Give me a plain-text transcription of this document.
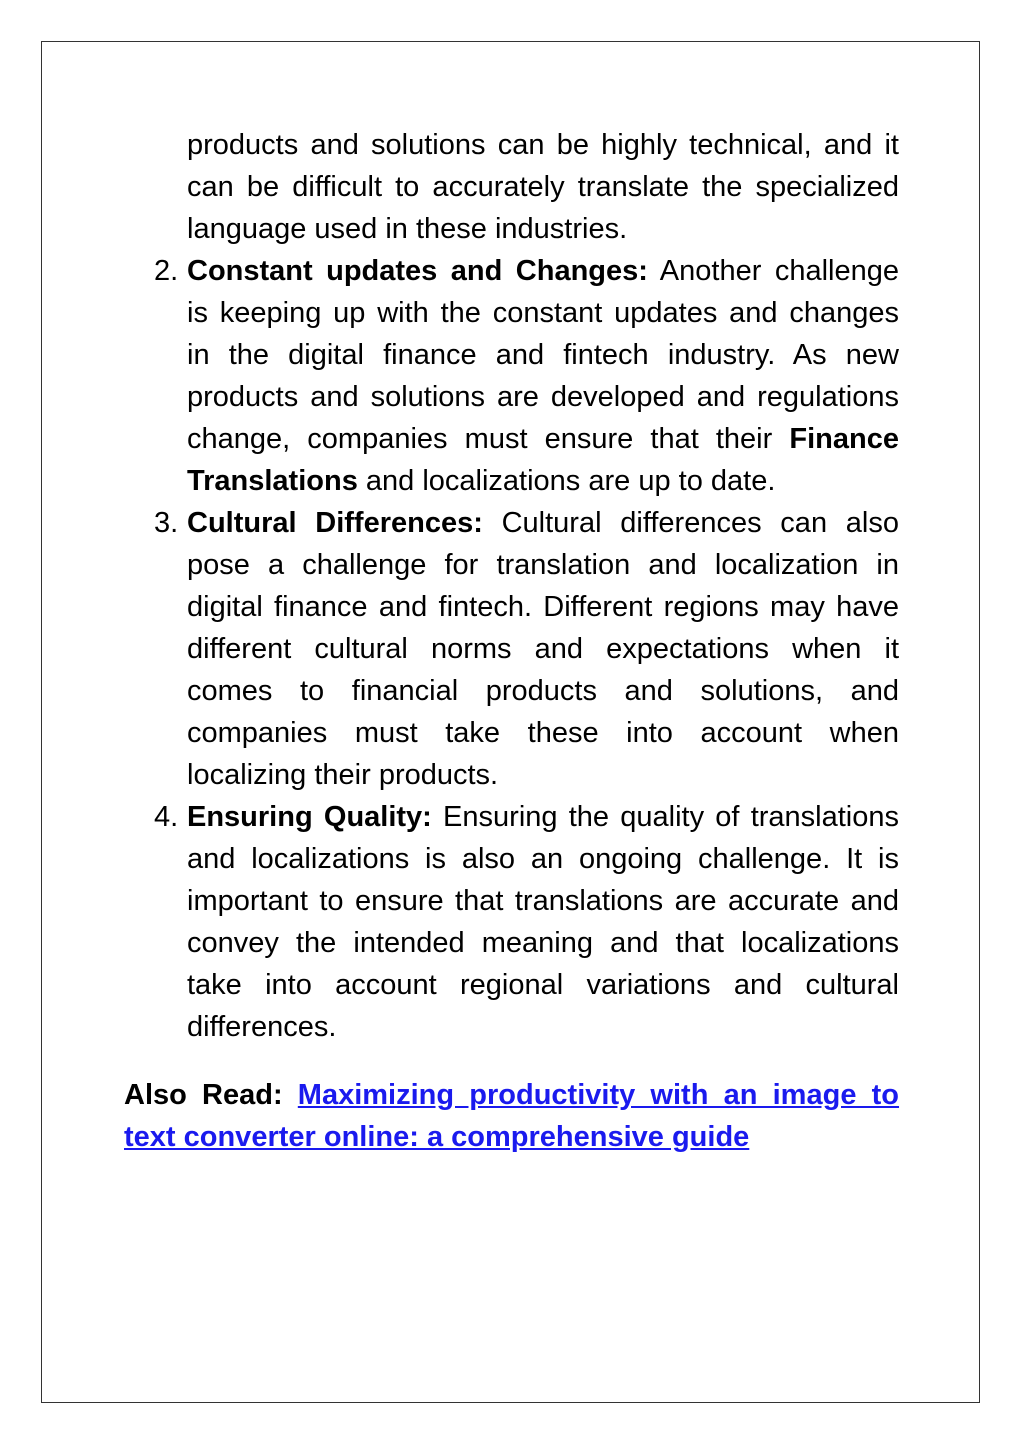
products and solutions can be highly technical, and it can be difficult to accurately translate the specialized language used in these industries.

2. Constant updates and Changes: Another challenge is keeping up with the constant updates and changes in the digital finance and fintech industry. As new products and solutions are developed and regulations change, companies must ensure that their Finance Translations and localizations are up to date.
3. Cultural Differences: Cultural differences can also pose a challenge for translation and localization in digital finance and fintech. Different regions may have different cultural norms and expectations when it comes to financial products and solutions, and companies must take these into account when localizing their products.
4. Ensuring Quality: Ensuring the quality of translations and localizations is also an ongoing challenge. It is important to ensure that translations are accurate and convey the intended meaning and that localizations take into account regional variations and cultural differences.

Also Read: Maximizing productivity with an image to text converter online: a comprehensive guide
